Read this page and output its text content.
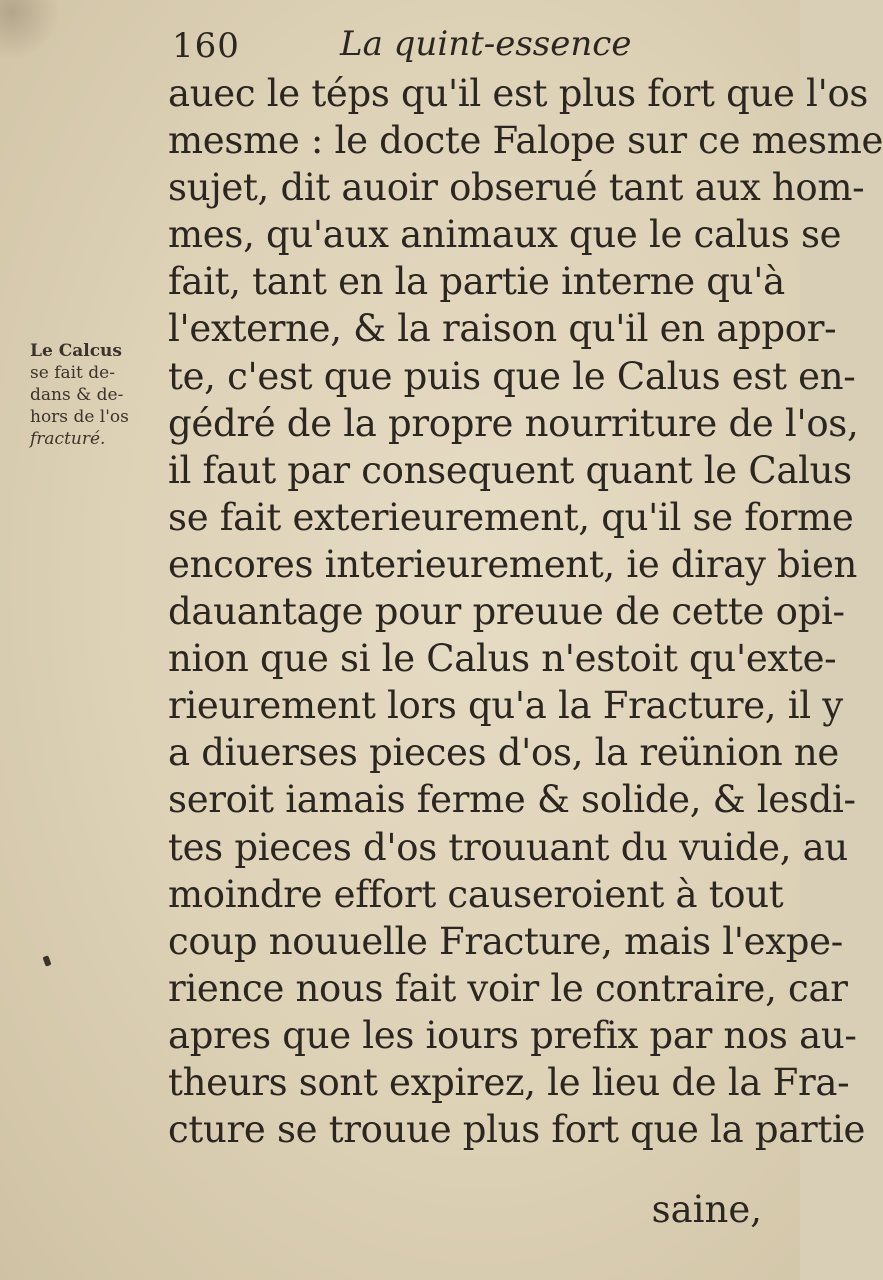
160	La quint-essence
Le Calcus
se fait de-
dans & de-
hors de l'os
fracturé.
auec le téps qu'il est plus fort que l'os
mesme : le docte Falope sur ce mesme
sujet, dit auoir obserué tant aux hom-
mes, qu'aux animaux que le calus se
fait, tant en la partie interne qu'à
l'externe, & la raison qu'il en appor-
te, c'est que puis que le Calus est en-
gédré de la propre nourriture de l'os,
il faut par consequent quant le Calus
se fait exterieurement, qu'il se forme
encores interieurement, ie diray bien
dauantage pour preuue de cette opi-
nion que si le Calus n'estoit qu'exte-
rieurement lors qu'a la Fracture, il y
a diuerses pieces d'os, la reünion ne
seroit iamais ferme & solide, & lesdi-
tes pieces d'os trouuant du vuide, au
moindre effort causeroient à tout
coup nouuelle Fracture, mais l'expe-
rience nous fait voir le contraire, car
apres que les iours prefix par nos au-
theurs sont expirez, le lieu de la Fra-
cture se trouue plus fort que la partie
saine,
